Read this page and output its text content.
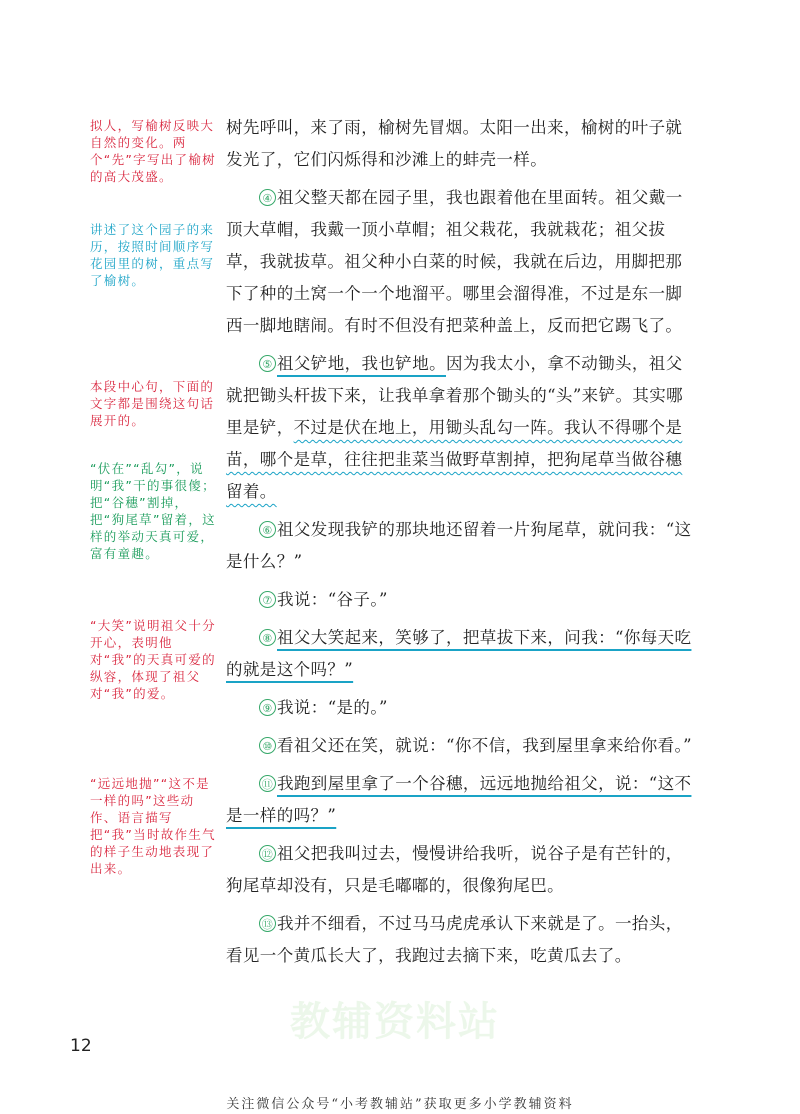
拟人，写榆树反映大自然的变化。两个“先”字写出了榆树的高大茂盛。
讲述了这个园子的来历，按照时间顺序写花园里的树，重点写了榆树。
本段中心句，下面的文字都是围绕这句话展开的。
“伏在”“乱勾”，说明“我”干的事很傻；把“谷穗”割掉，把“狗尾草”留着，这样的举动天真可爱，富有童趣。
“大笑”说明祖父十分开心，表明他对“我”的天真可爱的纵容，体现了祖父对“我”的爱。
“远远地抛”“这不是一样的吗”这些动作、语言描写把“我”当时故作生气的样子生动地表现了出来。

树先呼叫，来了雨，榆树先冒烟。太阳一出来，榆树的叶子就发光了，它们闪烁得和沙滩上的蚌壳一样。

④ 祖父整天都在园子里，我也跟着他在里面转。祖父戴一顶大草帽，我戴一顶小草帽；祖父栽花，我就栽花；祖父拔草，我就拔草。祖父种小白菜的时候，我就在后边，用脚把那下了种的土窝一个一个地溜平。哪里会溜得准，不过是东一脚西一脚地瞎闹。有时不但没有把菜种盖上，反而把它踢飞了。

⑤ 祖父铲地，我也铲地。因为我太小，拿不动锄头，祖父就把锄头杆拔下来，让我单拿着那个锄头的“头”来铲。其实哪里是铲，不过是伏在地上，用锄头乱勾一阵。我认不得哪个是苗，哪个是草，往往把韭菜当做野草割掉，把狗尾草当做谷穗留着。

⑥ 祖父发现我铲的那块地还留着一片狗尾草，就问我：“这是什么？”

⑦ 我说：“谷子。”

⑧ 祖父大笑起来，笑够了，把草拔下来，问我：“你每天吃的就是这个吗？”

⑨ 我说：“是的。”

⑩ 看祖父还在笑，就说：“你不信，我到屋里拿来给你看。”

⑪ 我跑到屋里拿了一个谷穗，远远地抛给祖父，说：“这不是一样的吗？”

⑫ 祖父把我叫过去，慢慢讲给我听，说谷子是有芒针的，狗尾草却没有，只是毛嘟嘟的，很像狗尾巴。

⑬ 我并不细看，不过马马虎虎承认下来就是了。一抬头，看见一个黄瓜长大了，我跑过去摘下来，吃黄瓜去了。

教辅资料站
12
关注微信公众号“小考教辅站”获取更多小学教辅资料
